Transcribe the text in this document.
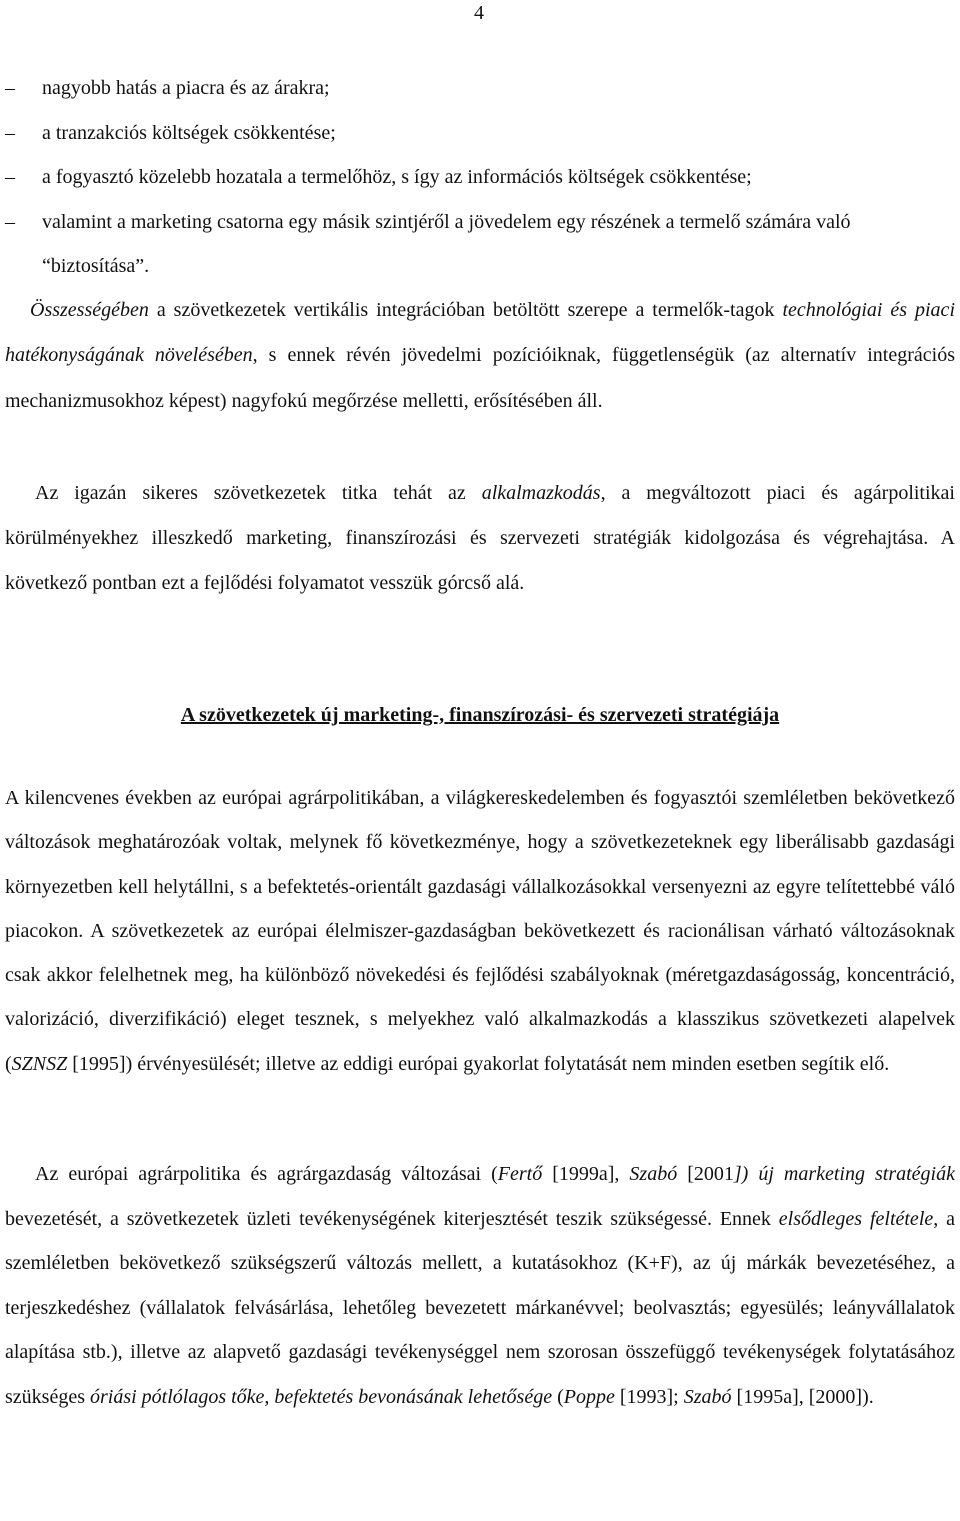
4
– nagyobb hatás a piacra és az árakra;
– a tranzakciós költségek csökkentése;
– a fogyasztó közelebb hozatala a termelőhöz, s így az információs költségek csökkentése;
– valamint a marketing csatorna egy másik szintjéről a jövedelem egy részének a termelő számára való “biztosítása”.

Összességében a szövetkezetek vertikális integrációban betöltött szerepe a termelők-tagok technológiai és piaci hatékonyságának növelésében, s ennek révén jövedelmi pozícióiknak, függetlenségük (az alternatív integrációs mechanizmusokhoz képest) nagyfokú megőrzése melletti, erősítésében áll.

Az igazán sikeres szövetkezetek titka tehát az alkalmazkodás, a megváltozott piaci és agárpolitikai körülményekhez illeszkedő marketing, finanszírozási és szervezeti stratégiák kidolgozása és végrehajtása. A következő pontban ezt a fejlődési folyamatot vesszük górcső alá.

A szövetkezetek új marketing-, finanszírozási- és szervezeti stratégiája

A kilencvenes években az európai agrárpolitikában, a világkereskedelemben és fogyasztói szemléletben bekövetkező változások meghatározóak voltak, melynek fő következménye, hogy a szövetkezeteknek egy liberálisabb gazdasági környezetben kell helytállni, s a befektetés-orientált gazdasági vállalkozásokkal versenyezni az egyre telítettebbé váló piacokon. A szövetkezetek az európai élelmiszer-gazdaságban bekövetkezett és racionálisan várható változásoknak csak akkor felelhetnek meg, ha különböző növekedési és fejlődési szabályoknak (méretgazdaságosság, koncentráció, valorizáció, diverzifikáció) eleget tesznek, s melyekhez való alkalmazkodás a klasszikus szövetkezeti alapelvek (SZNSZ [1995]) érvényesülését; illetve az eddigi európai gyakorlat folytatását nem minden esetben segítik elő.

Az európai agrárpolitika és agrárgazdaság változásai (Fertő [1999a], Szabó [2001]) új marketing stratégiák bevezetését, a szövetkezetek üzleti tevékenységének kiterjesztését teszik szükségessé. Ennek elsődleges feltétele, a szemléletben bekövetkező szükségszerű változás mellett, a kutatásokhoz (K+F), az új márkák bevezetéséhez, a terjeszkedéshez (vállalatok felvásárlása, lehetőleg bevezetett márkanévvel; beolvasztás; egyesülés; leányvállalatok alapítása stb.), illetve az alapvető gazdasági tevékenységgel nem szorosan összefüggő tevékenységek folytatásához szükséges óriási pótlólagos tőke, befektetés bevonásának lehetősége (Poppe [1993]; Szabó [1995a], [2000]).
